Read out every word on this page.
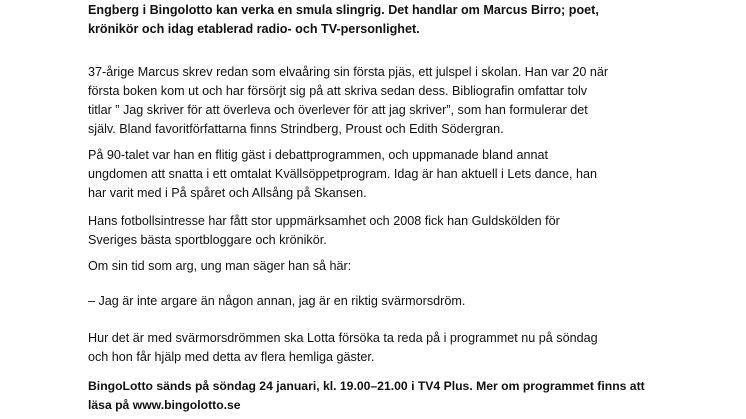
Engberg i Bingolotto kan verka en smula slingrig. Det handlar om Marcus Birro; poet,
krönikör och idag etablerad radio- och TV-personlighet.

37-årige Marcus skrev redan som elvaåring sin första pjäs, ett julspel i skolan. Han var 20 när
första boken kom ut och har försörjt sig på att skriva sedan dess. Bibliografin omfattar tolv
titlar ” Jag skriver för att överleva och överlever för att jag skriver”, som han formulerar det
själv. Bland favoritförfattarna finns Strindberg, Proust och Edith Södergran.

På 90-talet var han en flitig gäst i debattprogrammen, och uppmanade bland annat
ungdomen att snatta i ett omtalat Kvällsöppetprogram. Idag är han aktuell i Lets dance, han
har varit med i På spåret och Allsång på Skansen.

Hans fotbollsintresse har fått stor uppmärksamhet och 2008 fick han Guldskölden för
Sveriges bästa sportbloggare och krönikör.

Om sin tid som arg, ung man säger han så här:

– Jag är inte argare än någon annan, jag är en riktig svärmorsdröm.

Hur det är med svärmorsdrömmen ska Lotta försöka ta reda på i programmet nu på söndag
och hon får hjälp med detta av flera hemliga gäster.

BingoLotto sänds på söndag 24 januari, kl. 19.00–21.00 i TV4 Plus. Mer om programmet finns att
läsa på www.bingolotto.se
